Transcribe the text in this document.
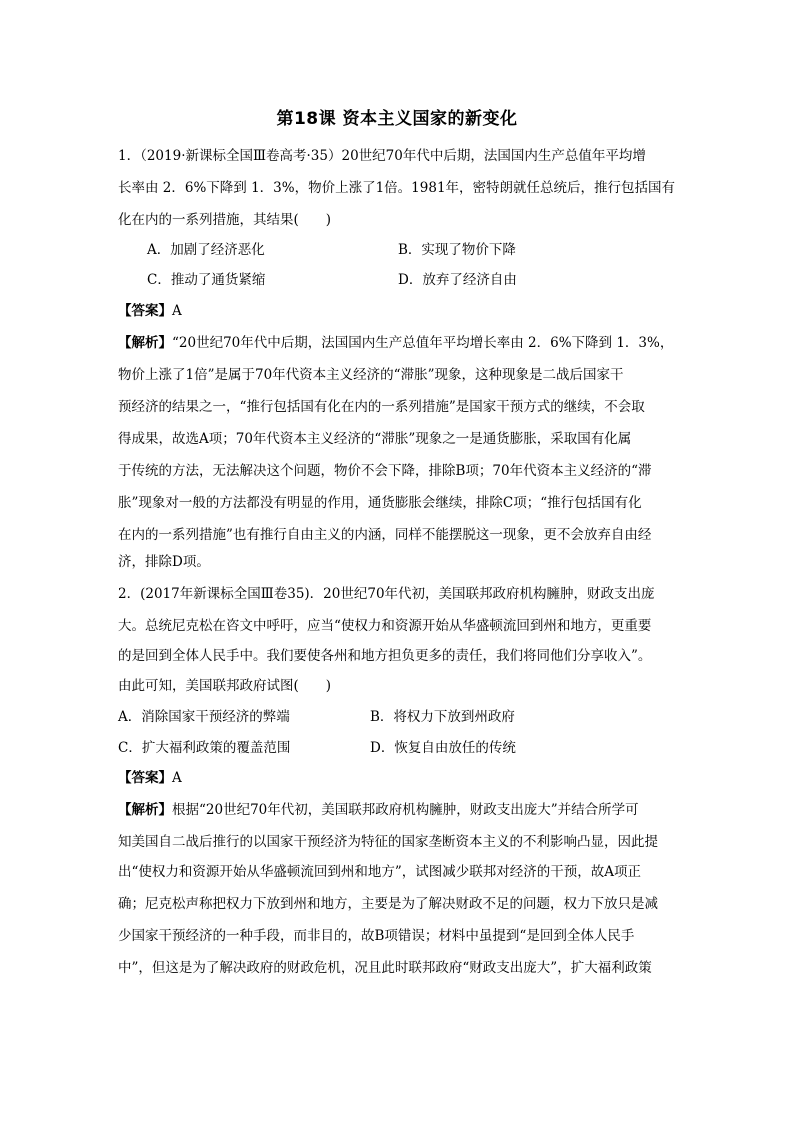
第18课 资本主义国家的新变化
1．（2019·新课标全国Ⅲ卷高考·35）20世纪70年代中后期，法国国内生产总值年平均增
长率由 2．6%下降到 1．3%，物价上涨了1倍。1981年，密特朗就任总统后，推行包括国有
化在内的一系列措施，其结果(　　)
A．加剧了经济恶化	B．实现了物价下降
C．推动了通货紧缩	D．放弃了经济自由
【答案】A
【解析】“20世纪70年代中后期，法国国内生产总值年平均增长率由 2．6%下降到 1．3%，
物价上涨了1倍”是属于70年代资本主义经济的“滞胀”现象，这种现象是二战后国家干
预经济的结果之一，“推行包括国有化在内的一系列措施”是国家干预方式的继续，不会取
得成果，故选A项；70年代资本主义经济的“滞胀”现象之一是通货膨胀，采取国有化属
于传统的方法，无法解决这个问题，物价不会下降，排除B项；70年代资本主义经济的“滞
胀”现象对一般的方法都没有明显的作用，通货膨胀会继续，排除C项；“推行包括国有化
在内的一系列措施”也有推行自由主义的内涵，同样不能摆脱这一现象，更不会放弃自由经
济，排除D项。
2．(2017年新课标全国Ⅲ卷35)．20世纪70年代初，美国联邦政府机构臃肿，财政支出庞
大。总统尼克松在咨文中呼吁，应当“使权力和资源开始从华盛顿流回到州和地方，更重要
的是回到全体人民手中。我们要使各州和地方担负更多的责任，我们将同他们分享收入”。
由此可知，美国联邦政府试图(　　)
A．消除国家干预经济的弊端	B．将权力下放到州政府
C．扩大福利政策的覆盖范围	D．恢复自由放任的传统
【答案】A
【解析】根据“20世纪70年代初，美国联邦政府机构臃肿，财政支出庞大”并结合所学可
知美国自二战后推行的以国家干预经济为特征的国家垄断资本主义的不利影响凸显，因此提
出“使权力和资源开始从华盛顿流回到州和地方”，试图减少联邦对经济的干预，故A项正
确；尼克松声称把权力下放到州和地方，主要是为了解决财政不足的问题，权力下放只是减
少国家干预经济的一种手段，而非目的，故B项错误；材料中虽提到“是回到全体人民手
中”，但这是为了解决政府的财政危机，况且此时联邦政府“财政支出庞大”，扩大福利政策
